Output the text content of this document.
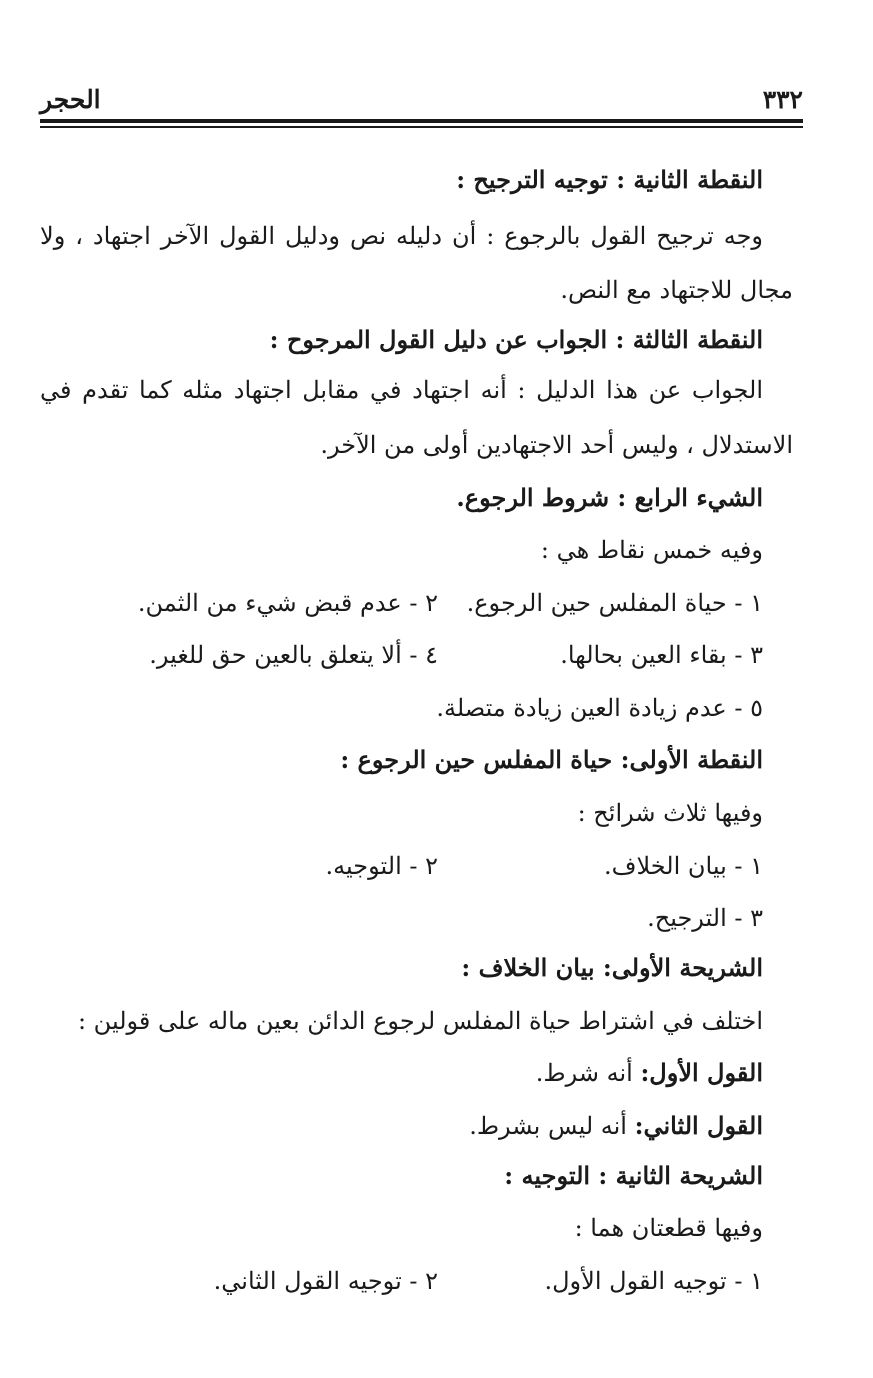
٣٣٢
الحجر
النقطة الثانية : توجيه الترجيح :
وجه ترجيح القول بالرجوع : أن دليله نص ودليل القول الآخر اجتهاد ، ولا
مجال للاجتهاد مع النص.
النقطة الثالثة : الجواب عن دليل القول المرجوح :
الجواب عن هذا الدليل : أنه اجتهاد في مقابل اجتهاد مثله كما تقدم في
الاستدلال ، وليس أحد الاجتهادين أولى من الآخر.
الشيء الرابع : شروط الرجوع.
وفيه خمس نقاط هي :
١ - حياة المفلس حين الرجوع.
٢ - عدم قبض شيء من الثمن.
٣ - بقاء العين بحالها.
٤ - ألا يتعلق بالعين حق للغير.
٥ - عدم زيادة العين زيادة متصلة.
النقطة الأولى: حياة المفلس حين الرجوع :
وفيها ثلاث شرائح :
١ - بيان الخلاف.
٢ - التوجيه.
٣ - الترجيح.
الشريحة الأولى: بيان الخلاف :
اختلف في اشتراط حياة المفلس لرجوع الدائن بعين ماله على قولين :
القول الأول: أنه شرط.
القول الثاني: أنه ليس بشرط.
الشريحة الثانية : التوجيه :
وفيها قطعتان هما :
١ - توجيه القول الأول.
٢ - توجيه القول الثاني.
